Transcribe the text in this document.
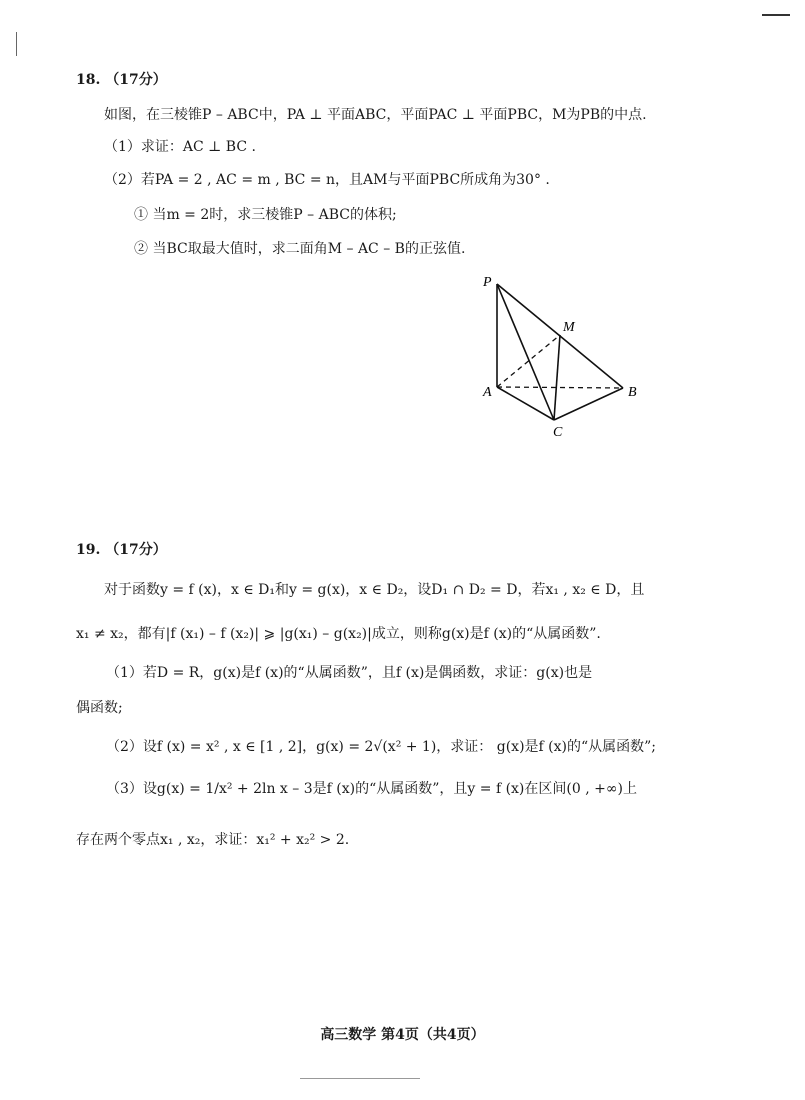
18. （17分）
如图，在三棱锥P – ABC中，PA ⊥ 平面ABC，平面PAC ⊥ 平面PBC，M为PB的中点.
（1）求证：AC ⊥ BC .
（2）若PA = 2 , AC = m , BC = n，且AM与平面PBC所成角为30° .
① 当m = 2时，求三棱锥P – ABC的体积;
② 当BC取最大值时，求二面角M – AC – B的正弦值.
P
M
A	B
C
19. （17分）
对于函数y = f (x)，x ∈ D₁和y = g(x)，x ∈ D₂，设D₁ ∩ D₂ = D，若x₁ , x₂ ∈ D，且
x₁ ≠ x₂，都有|f (x₁) – f (x₂)| ⩾ |g(x₁) – g(x₂)|成立，则称g(x)是f (x)的“从属函数”.
（1）若D = R，g(x)是f (x)的“从属函数”，且f (x)是偶函数，求证：g(x)也是
偶函数;
（2）设f (x) = x² , x ∈ [1 , 2]，g(x) = 2√(x² + 1)，求证： g(x)是f (x)的“从属函数”;
（3）设g(x) = 1/x² + 2ln x – 3是f (x)的“从属函数”，且y = f (x)在区间(0 , +∞)上
存在两个零点x₁ , x₂，求证：x₁² + x₂² > 2.
高三数学 第4页（共4页）
